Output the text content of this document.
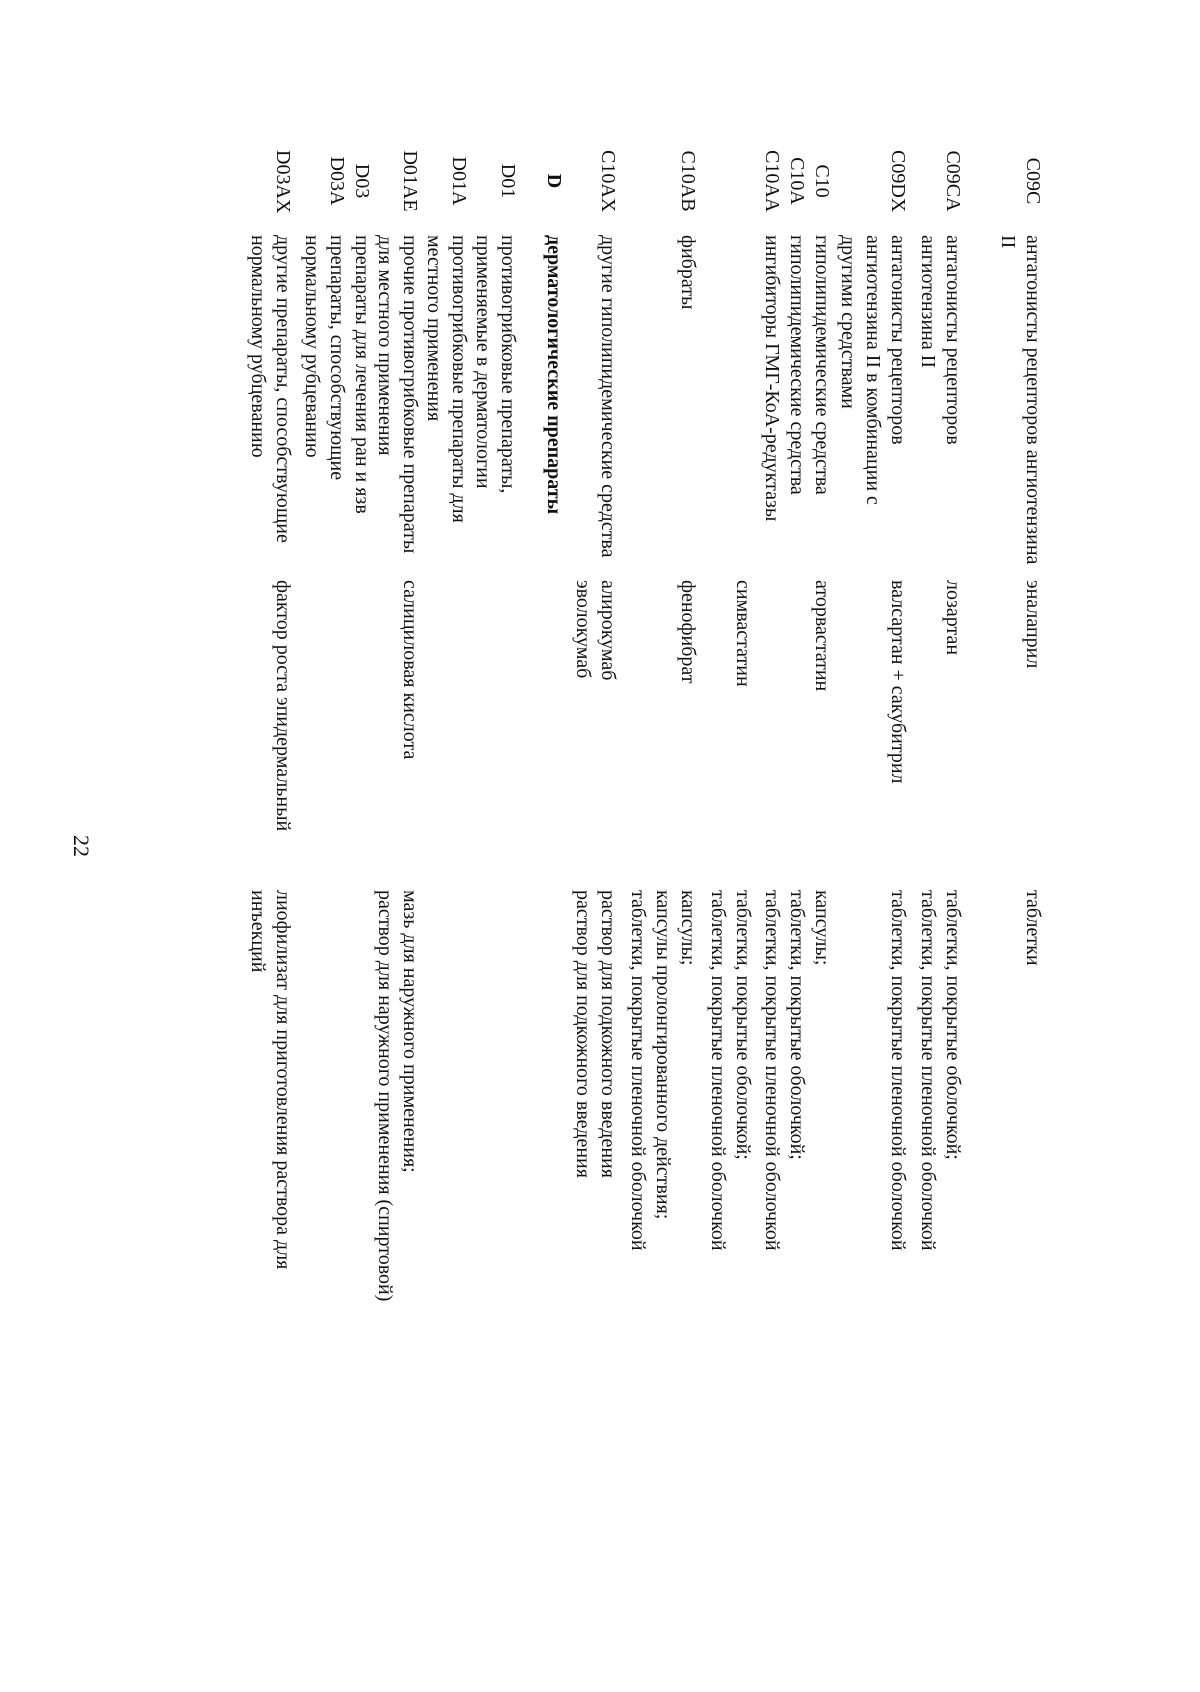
22
C09C
антагонисты рецепторов ангиотензина
II
эналаприл
таблетки
C09CA
антагонисты рецепторов
ангиотензина II
лозартан
таблетки, покрытые оболочкой;
таблетки, покрытые пленочной оболочкой
C09DX
антагонисты рецепторов
ангиотензина II в комбинации с
другими средствами
валсартан + сакубитрил
таблетки, покрытые пленочной оболочкой
C10
C10A
C10AA
гиполипидемические средства
гиполипидемические средства
ингибиторы ГМГ-КоА-редуктазы
аторвастатин
капсулы;
таблетки, покрытые оболочкой;
таблетки, покрытые пленочной оболочкой
симвастатин
таблетки, покрытые оболочкой;
таблетки, покрытые пленочной оболочкой
C10AB
фибраты
фенофибрат
капсулы;
капсулы пролонгированного действия;
таблетки, покрытые пленочной оболочкой
C10AX
другие гиполипидемические средства
алирокумаб
эволокумаб
раствор для подкожного введения
раствор для подкожного введения
D
дерматологические препараты
D01
противогрибковые препараты,
применяемые в дерматологии
D01A
противогрибковые препараты для
местного применения
D01AE
прочие противогрибковые препараты
для местного применения
салициловая кислота
мазь для наружного применения;
раствор для наружного применения (спиртовой)
D03
D03A
препараты для лечения ран и язв
препараты, способствующие
нормальному рубцеванию
D03AX
другие препараты, способствующие
нормальному рубцеванию
фактор роста эпидермальный
лиофилизат для приготовления раствора для
инъекций
